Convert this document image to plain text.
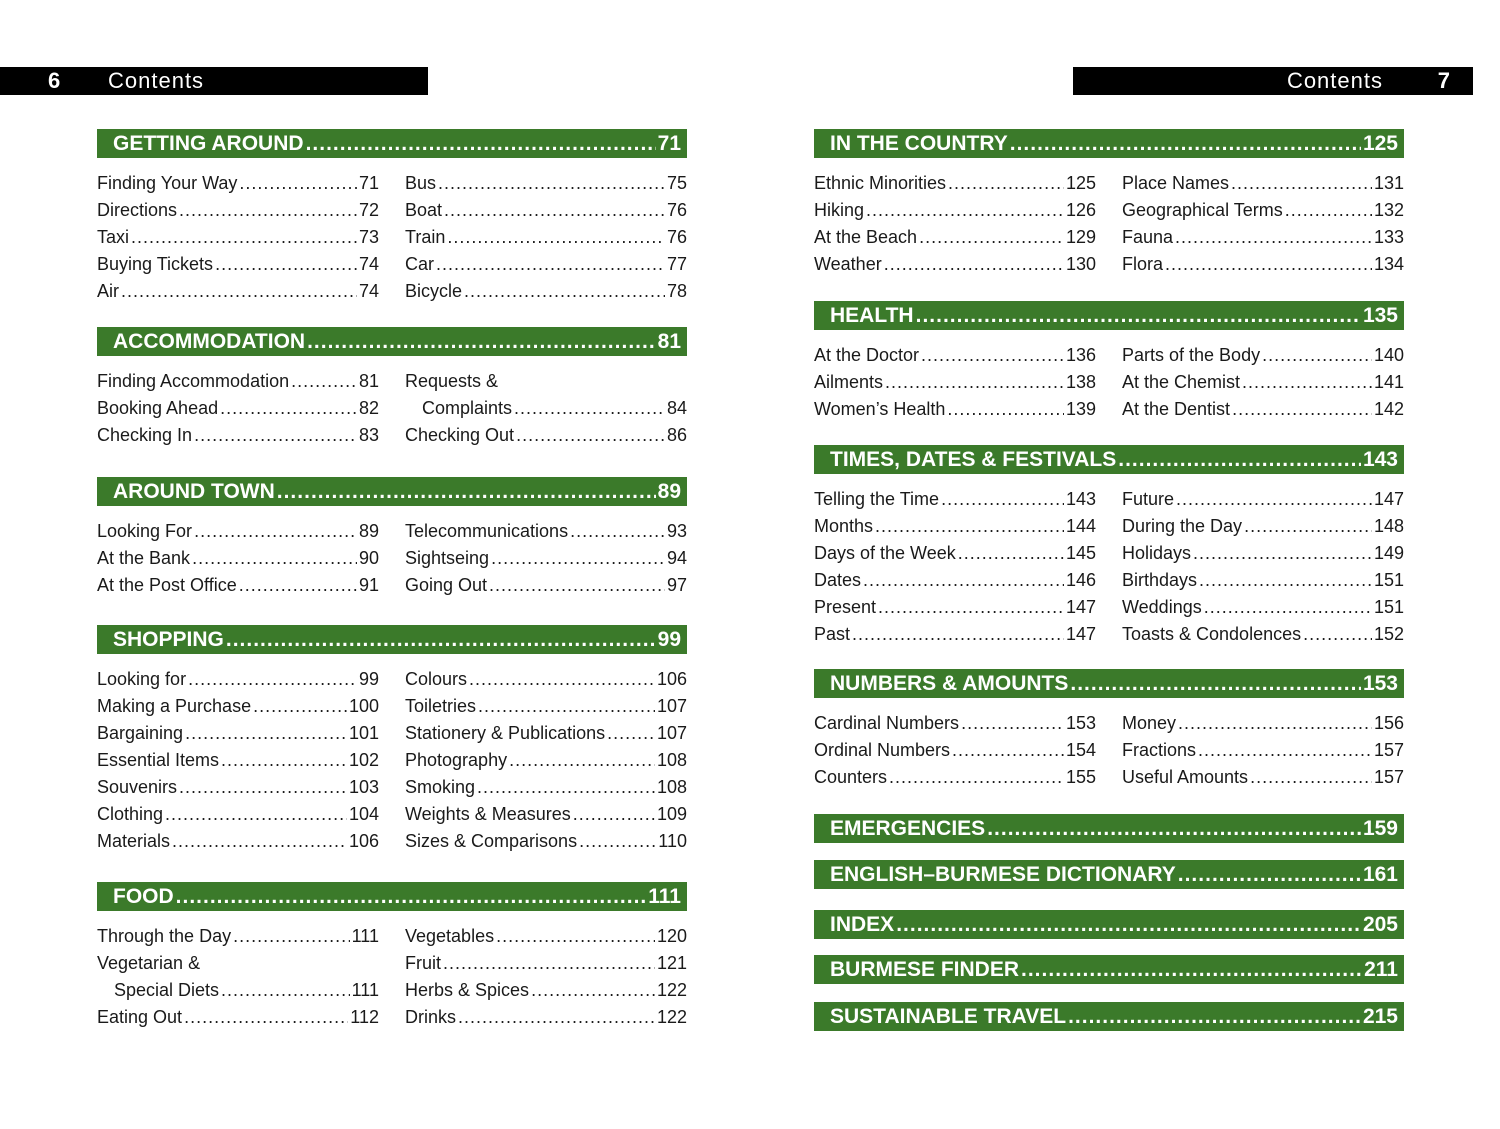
6 Contents	Contents 7
GETTING AROUND .....	71
Finding Your Way .....	71
Directions .....	72
Taxi .....	73
Buying Tickets .....	74
Air .....	74
Bus .....	75
Boat .....	76
Train .....	76
Car .....	77
Bicycle .....	78
ACCOMMODATION .....	81
Finding Accommodation .....	81
Booking Ahead .....	82
Checking In .....	83
Requests &
Complaints .....	84
Checking Out .....	86
AROUND TOWN .....	89
Looking For .....	89
At the Bank .....	90
At the Post Office .....	91
Telecommunications .....	93
Sightseing .....	94
Going Out .....	97
SHOPPING .....	99
Looking for .....	99
Making a Purchase .....	100
Bargaining .....	101
Essential Items .....	102
Souvenirs .....	103
Clothing .....	104
Materials .....	106
Colours .....	106
Toiletries .....	107
Stationery & Publications .....	107
Photography .....	108
Smoking .....	108
Weights & Measures .....	109
Sizes & Comparisons .....	110
FOOD .....	111
Through the Day .....	111
Vegetarian &
Special Diets .....	111
Eating Out .....	112
Vegetables .....	120
Fruit .....	121
Herbs & Spices .....	122
Drinks .....	122
IN THE COUNTRY .....	125
Ethnic Minorities .....	125
Hiking .....	126
At the Beach .....	129
Weather .....	130
Place Names .....	131
Geographical Terms .....	132
Fauna .....	133
Flora .....	134
HEALTH .....	135
At the Doctor .....	136
Ailments .....	138
Women’s Health .....	139
Parts of the Body .....	140
At the Chemist .....	141
At the Dentist .....	142
TIMES, DATES & FESTIVALS .....	143
Telling the Time .....	143
Months .....	144
Days of the Week .....	145
Dates .....	146
Present .....	147
Past .....	147
Future .....	147
During the Day .....	148
Holidays .....	149
Birthdays .....	151
Weddings .....	151
Toasts & Condolences .....	152
NUMBERS & AMOUNTS .....	153
Cardinal Numbers .....	153
Ordinal Numbers .....	154
Counters .....	155
Money .....	156
Fractions .....	157
Useful Amounts .....	157
EMERGENCIES .....	159
ENGLISH–BURMESE DICTIONARY .....	161
INDEX .....	205
BURMESE FINDER .....	211
SUSTAINABLE TRAVEL .....	215
